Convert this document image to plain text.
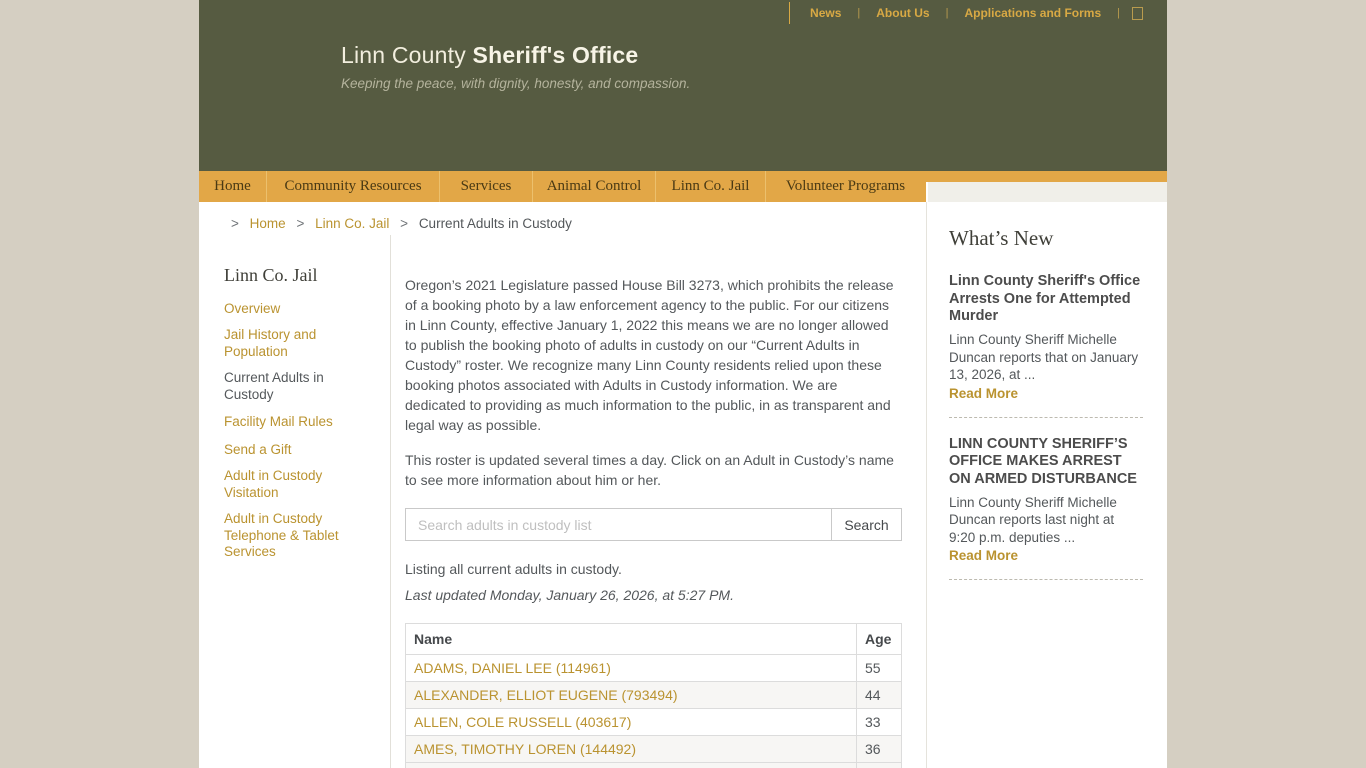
News	|	About Us	|	Applications and Forms	|
Linn County Sheriff's Office
Keeping the peace, with dignity, honesty, and compassion.
Home	Community Resources	Services	Animal Control	Linn Co. Jail	Volunteer Programs
> Home > Linn Co. Jail > Current Adults in Custody
Linn Co. Jail
Overview
Jail History and Population
Current Adults in Custody
Facility Mail Rules
Send a Gift
Adult in Custody Visitation
Adult in Custody Telephone & Tablet Services

Oregon’s 2021 Legislature passed House Bill 3273, which prohibits the release of a booking photo by a law enforcement agency to the public. For our citizens in Linn County, effective January 1, 2022 this means we are no longer allowed to publish the booking photo of adults in custody on our “Current Adults in Custody” roster. We recognize many Linn County residents relied upon these booking photos associated with Adults in Custody information. We are dedicated to providing as much information to the public, in as transparent and legal way as possible.

This roster is updated several times a day. Click on an Adult in Custody’s name to see more information about him or her.

Search adults in custody list
Search

Listing all current adults in custody.

Last updated Monday, January 26, 2026, at 5:27 PM.

Name	Age
ADAMS, DANIEL LEE (114961)	55
ALEXANDER, ELLIOT EUGENE (793494)	44
ALLEN, COLE RUSSELL (403617)	33
AMES, TIMOTHY LOREN (144492)	36

What’s New
Linn County Sheriff's Office Arrests One for Attempted Murder

Linn County Sheriff Michelle Duncan reports that on January 13, 2026, at ...

Read More
LINN COUNTY SHERIFF’S OFFICE MAKES ARREST ON ARMED DISTURBANCE

Linn County Sheriff Michelle Duncan reports last night at 9:20 p.m. deputies ...

Read More
